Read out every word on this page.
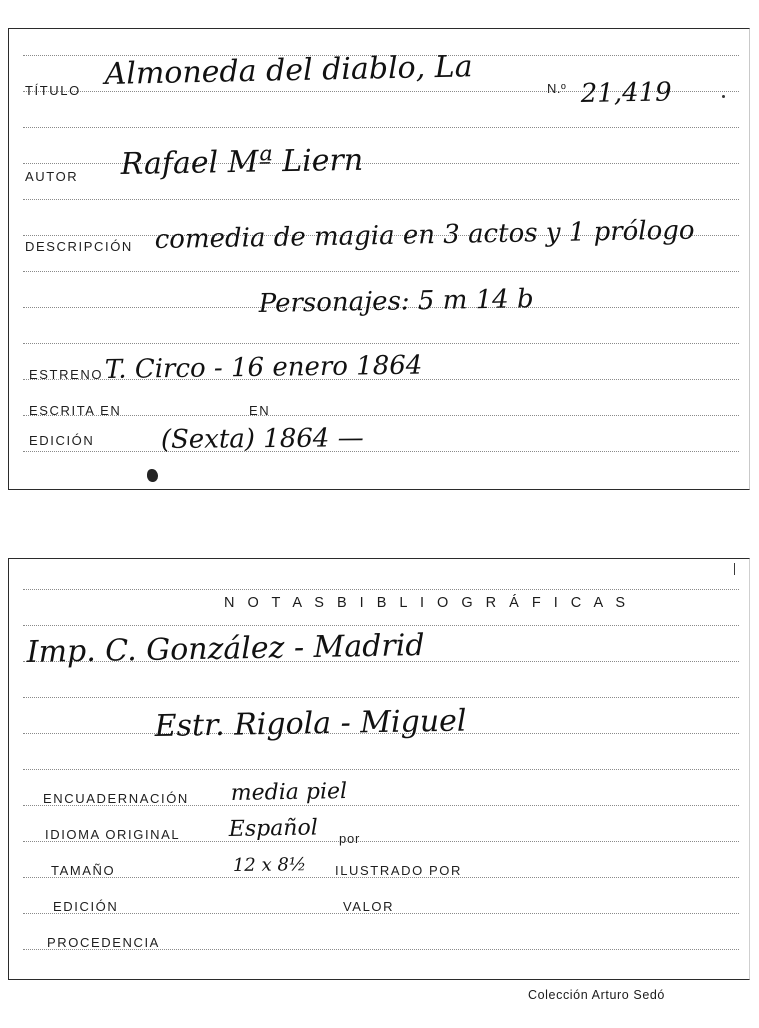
TÍTULO Almoneda del diablo, La	N.º 21,419
AUTOR Rafael Mª Liern
DESCRIPCIÓN comedia de magia en 3 actos y 1 prólogo
Personajes: 5 m 14 b
ESTRENO T. Circo - 16 enero 1864
ESCRITA EN	EN
EDICIÓN	(Sexta) 1864 —
N O T A S B I B L I O G R Á F I C A S
Imp. C. González - Madrid
Estr. Rigola - Miguel
ENCUADERNACIÓN media piel
IDIOMA ORIGINAL Español por
TAMAÑO	12 x 8½ ILUSTRADO POR
EDICIÓN	VALOR
PROCEDENCIA
Colección Arturo Sedó
